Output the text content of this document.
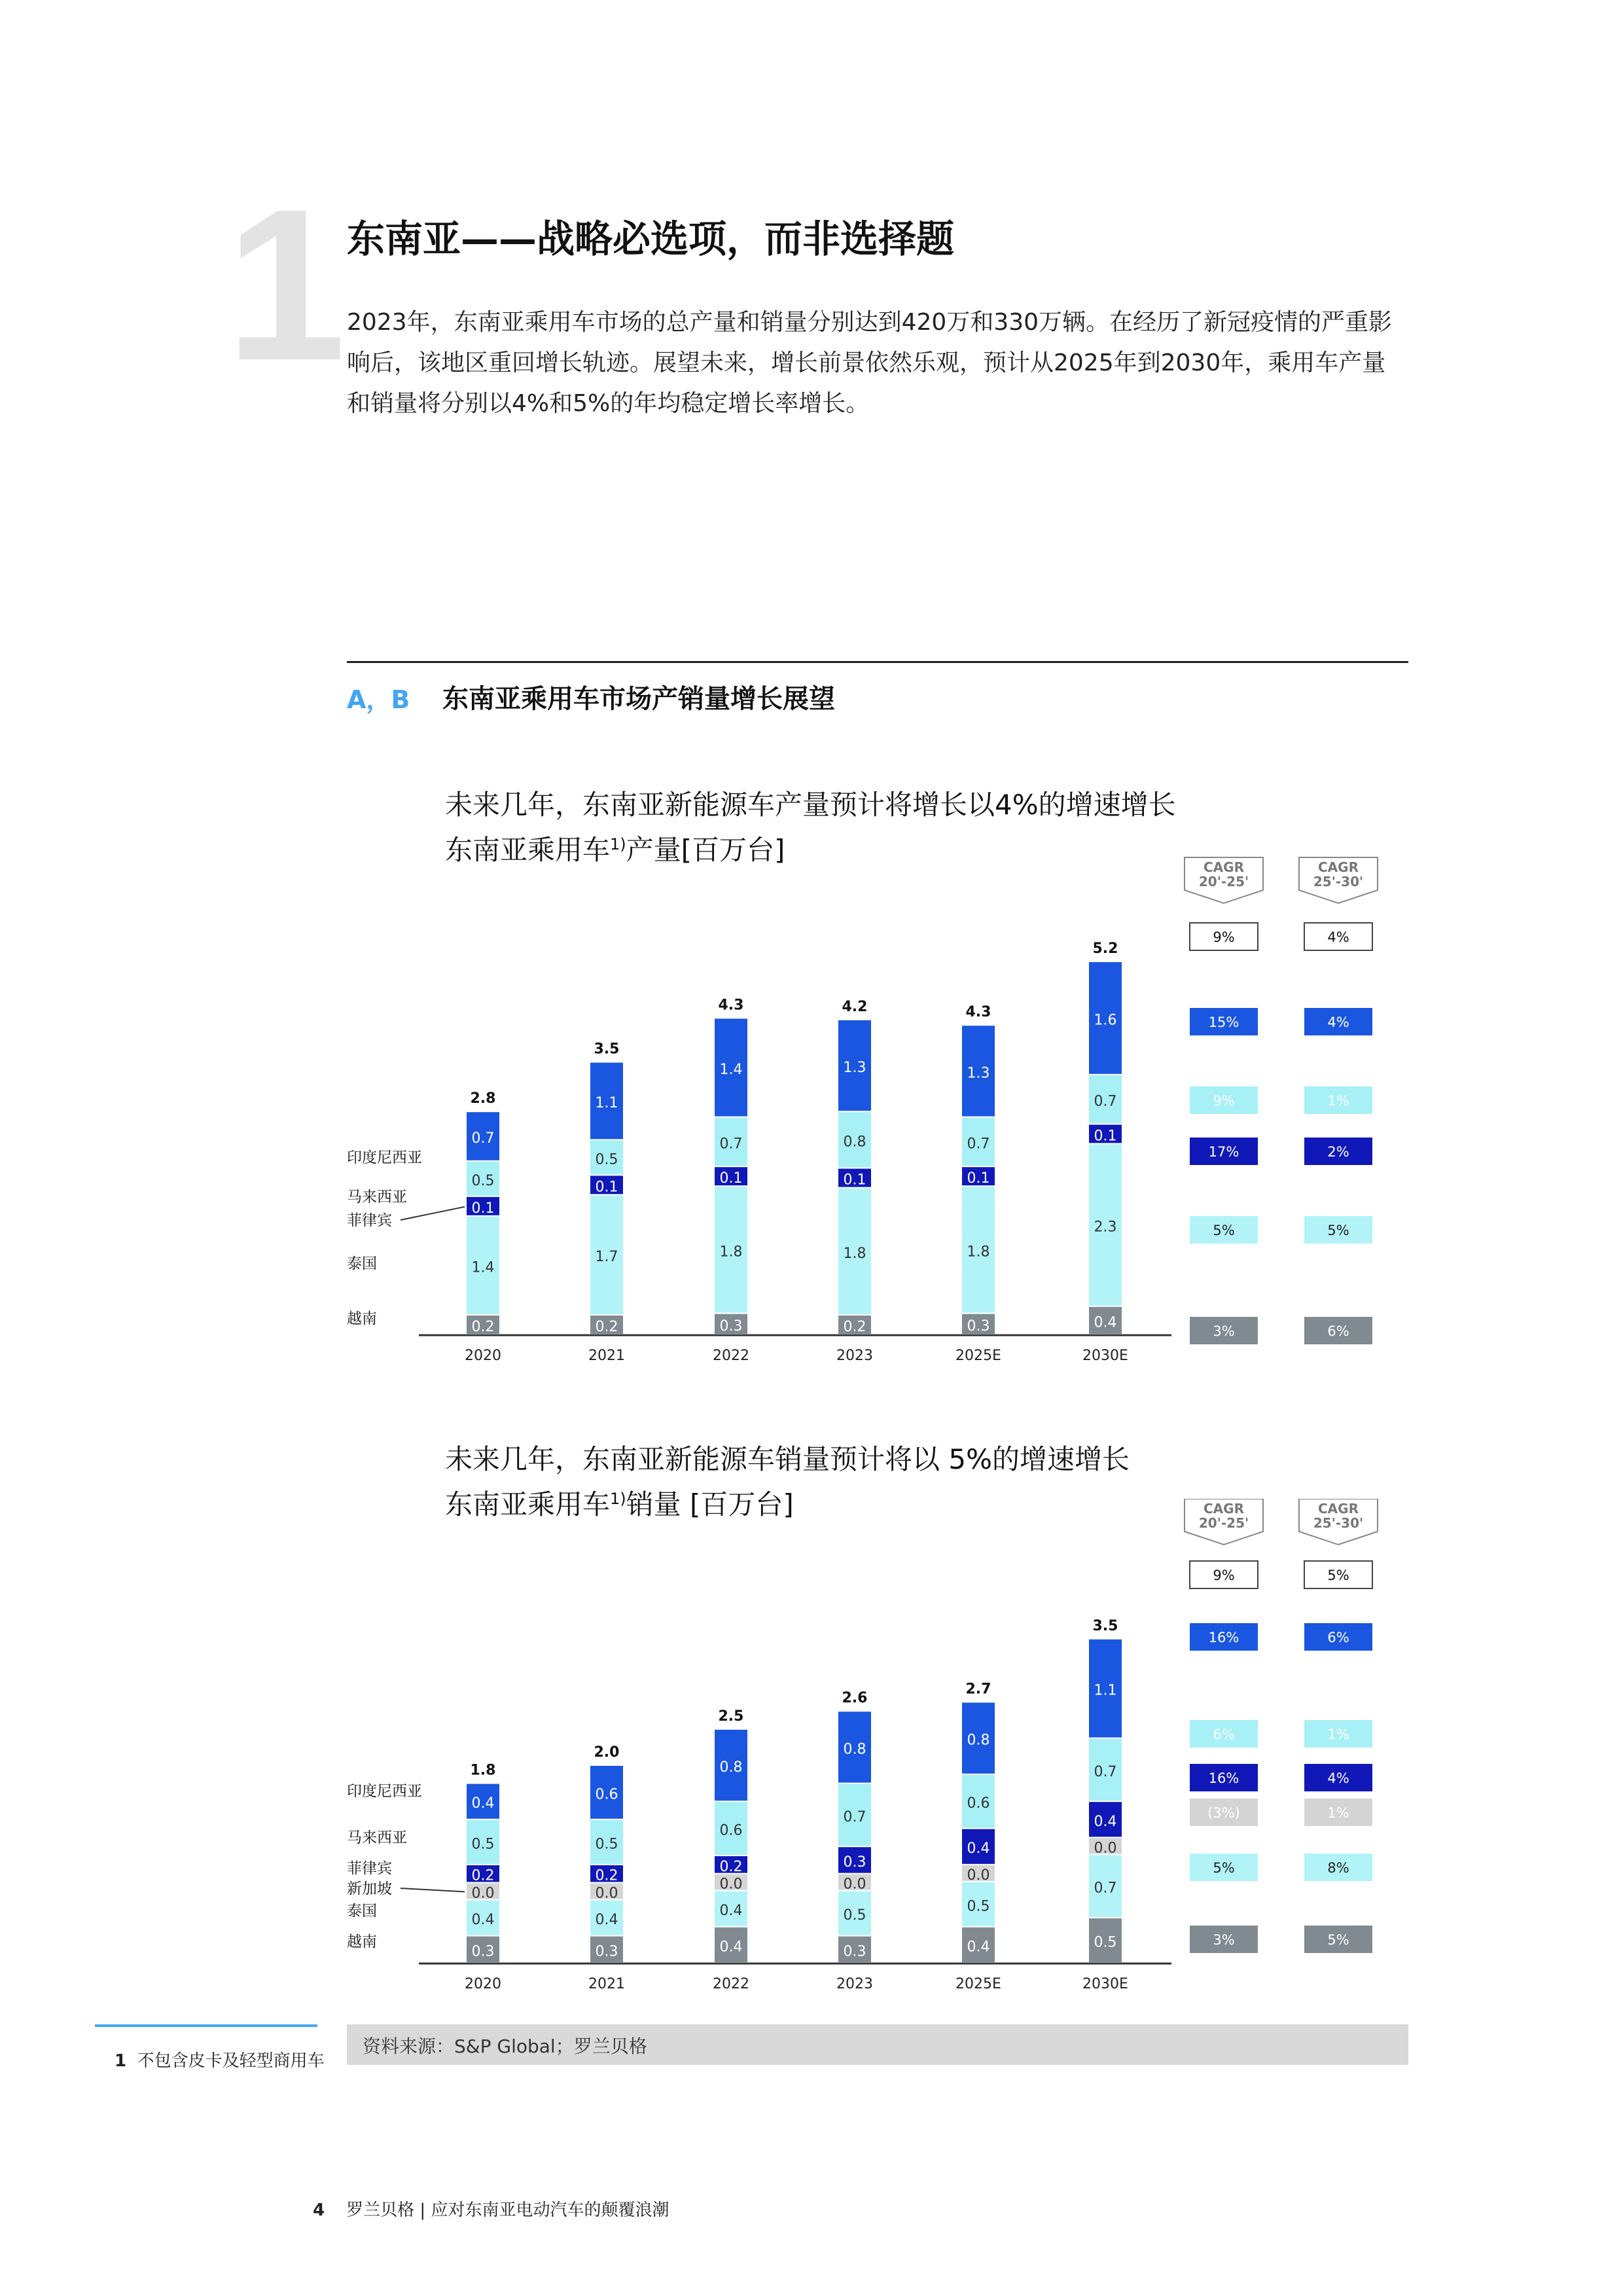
1 东南亚——战略必选项，而非选择题
2023年，东南亚乘用车市场的总产量和销量分别达到420万和330万辆。在经历了新冠疫情的严重影响后，该地区重回增长轨迹。展望未来，增长前景依然乐观，预计从2025年到2030年，乘用车产量和销量将分别以4%和5%的年均稳定增长率增长。
A，B 东南亚乘用车市场产销量增长展望
未来几年，东南亚新能源车产量预计将增长以4%的增速增长
东南亚乘用车$^{1)}$产量[百万台]
未来几年，东南亚新能源车销量预计将以 5%的增速增长
东南亚乘用车$^{1)}$销量 [百万台]
0.2
1.4
0.1
0.5
0.7
2.8
2020
0.2
1.7
0.1
0.5
1.1
3.5
2021
0.3
1.8
0.1
0.7
1.4
4.3
2022
0.2
1.8
0.1
0.8
1.3
4.2
2023
0.3
1.8
0.1
0.7
1.3
4.3
2025E
0.4
2.3
0.1
0.7
1.6
5.2
2030E
越南
泰国
菲律宾
马来西亚
印度尼西亚
CAGR
20'-25'
9%
3%
5%
17%
9%
15%
CAGR
25'-30'
4%
6%
5%
2%
1%
4%
0.3
0.4
0.0
0.2
0.5
0.4
1.8
2020
0.3
0.4
0.0
0.2
0.5
0.6
2.0
2021
0.4
0.4
0.0
0.2
0.6
0.8
2.5
2022
0.3
0.5
0.0
0.3
0.7
0.8
2.6
2023
0.4
0.5
0.0
0.4
0.6
0.8
2.7
2025E
0.5
0.7
0.0
0.4
0.7
1.1
3.5
2030E
越南
泰国
新加坡
菲律宾
马来西亚
印度尼西亚
CAGR
20'-25'
9%
3%
5%
(3%)
16%
6%
16%
CAGR
25'-30'
5%
5%
8%
1%
4%
1%
6%
资料来源：S&P Global；罗兰贝格
1 不包含皮卡及轻型商用车
4 罗兰贝格 | 应对东南亚电动汽车的颠覆浪潮
